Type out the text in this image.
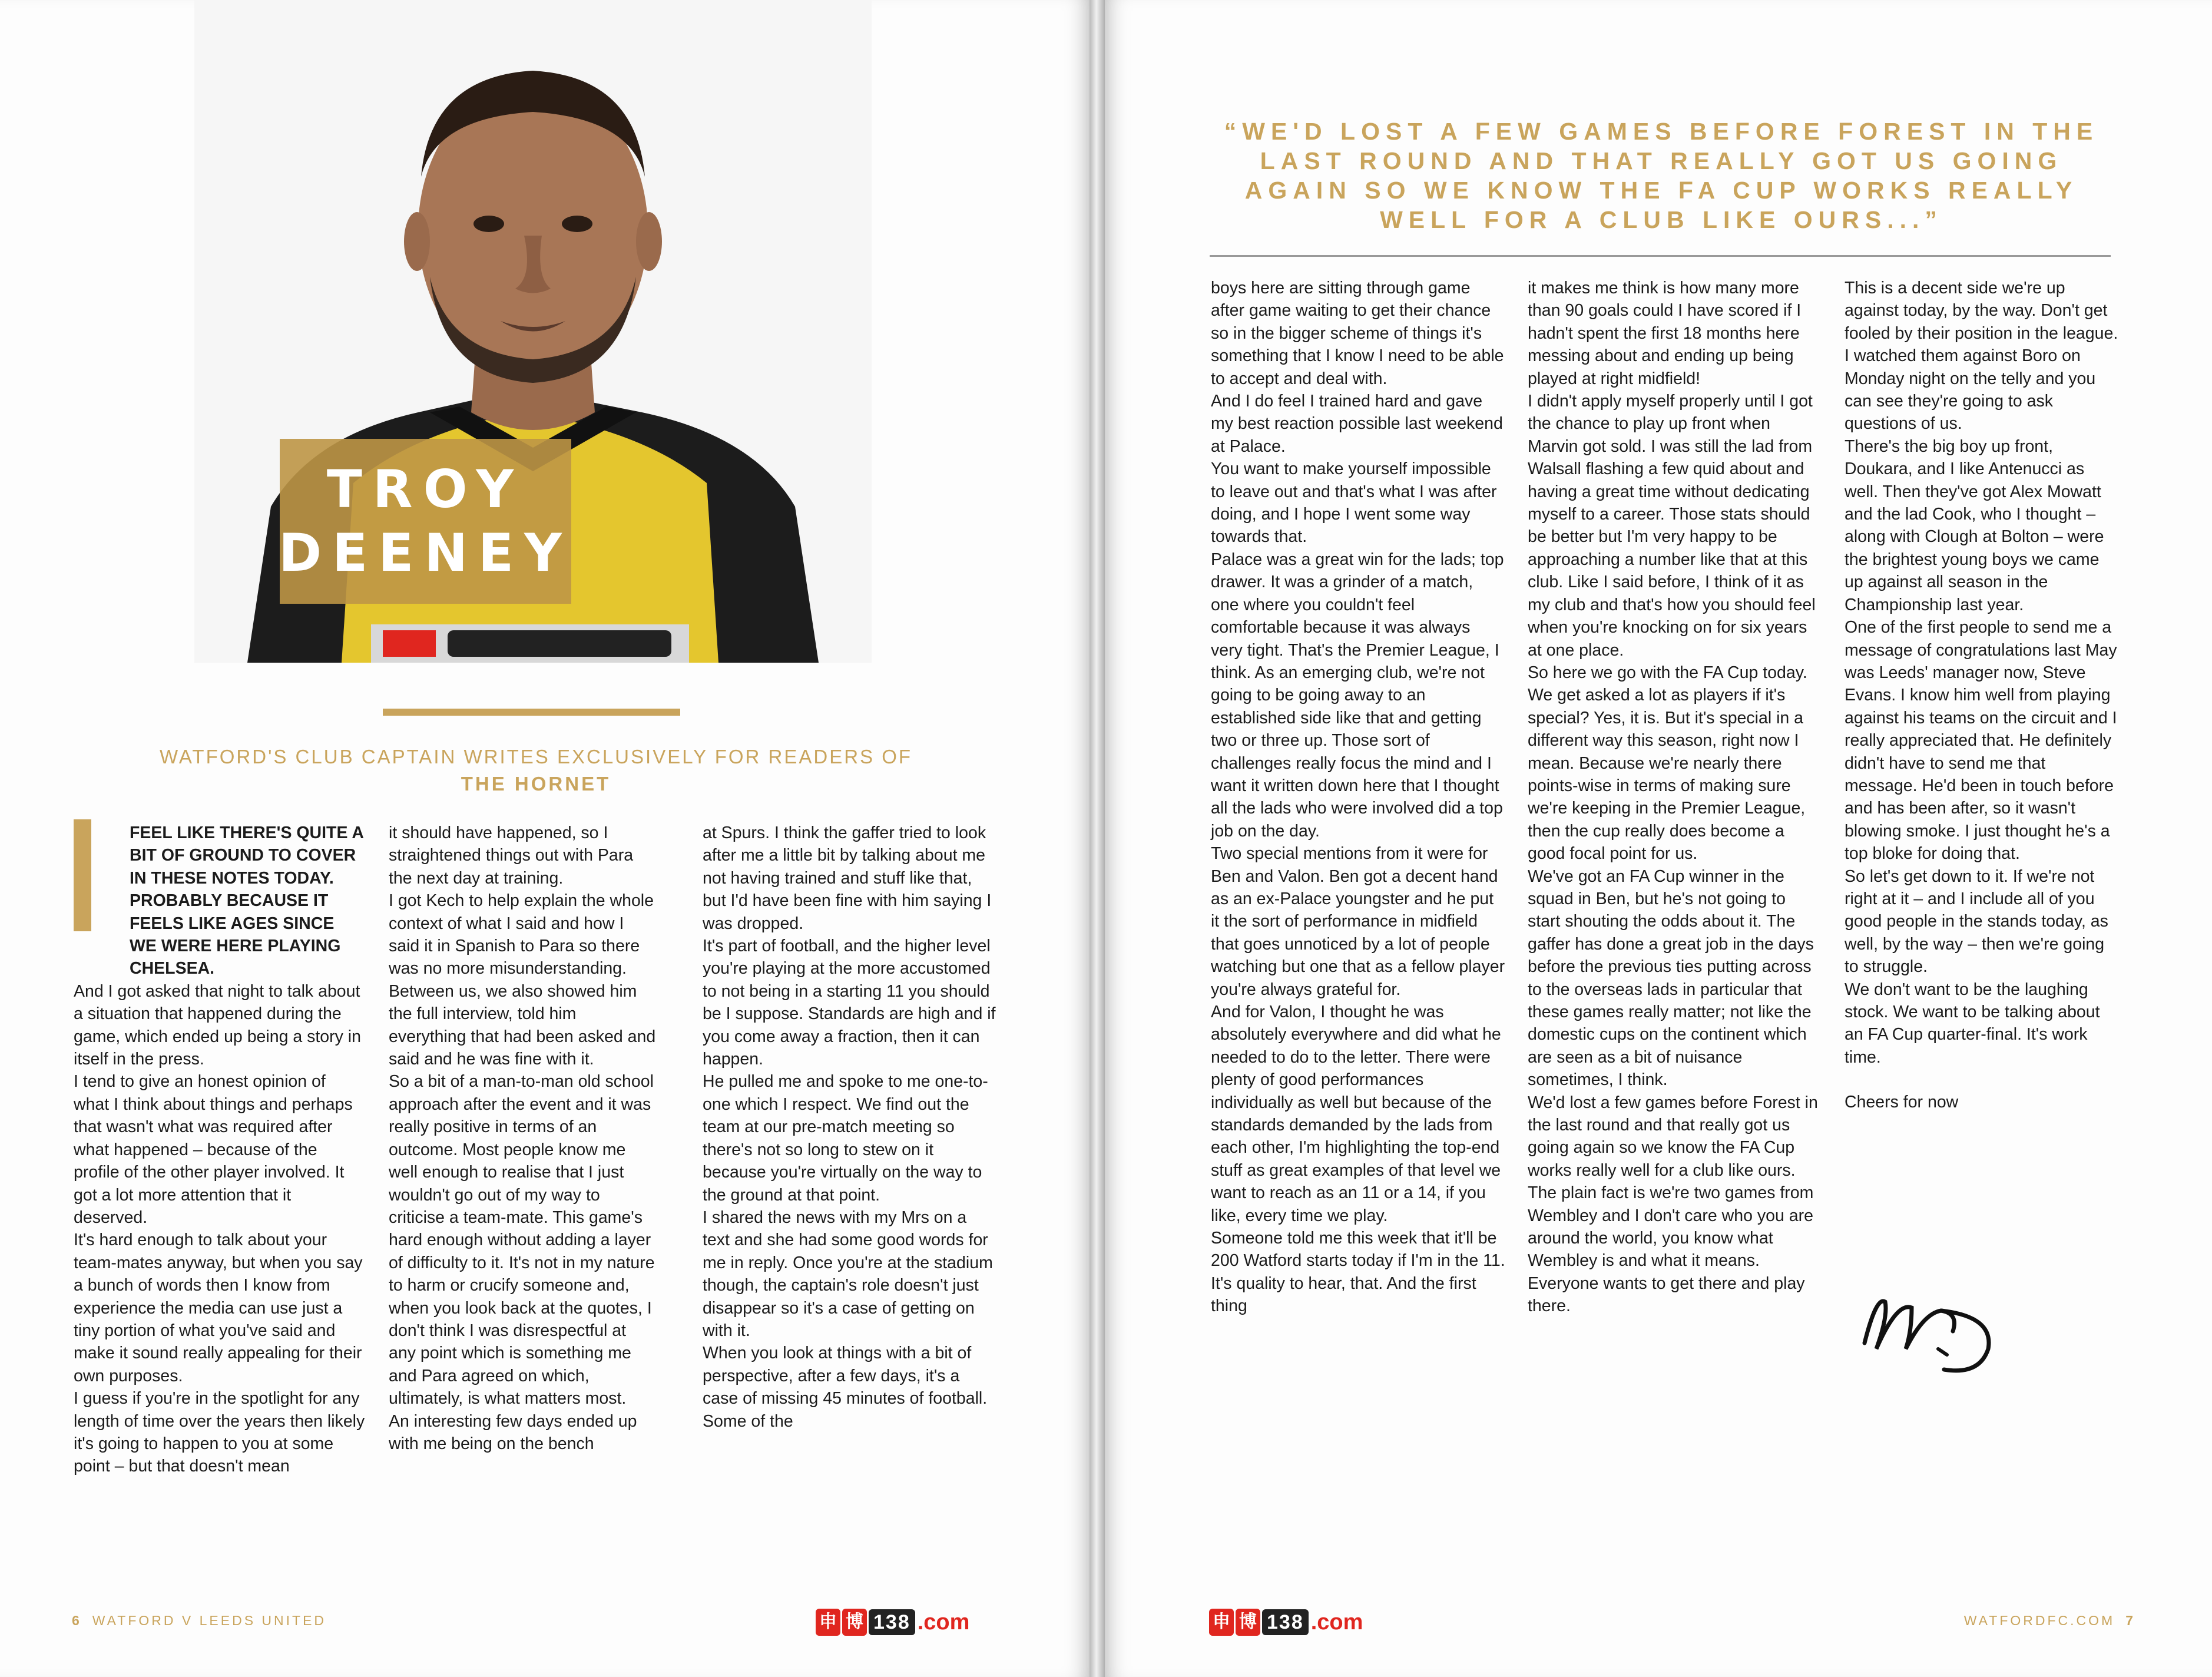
TROY
DEENEY
WATFORD'S CLUB CAPTAIN WRITES EXCLUSIVELY FOR READERS OF THE HORNET

FEEL LIKE THERE'S QUITE A BIT OF GROUND TO COVER IN THESE NOTES TODAY. PROBABLY BECAUSE IT FEELS LIKE AGES SINCE WE WERE HERE PLAYING CHELSEA.

And I got asked that night to talk about a situation that happened during the game, which ended up being a story in itself in the press.

I tend to give an honest opinion of what I think about things and perhaps that wasn't what was required after what happened – because of the profile of the other player involved. It got a lot more attention that it deserved.

It's hard enough to talk about your team-mates anyway, but when you say a bunch of words then I know from experience the media can use just a tiny portion of what you've said and make it sound really appealing for their own purposes.

I guess if you're in the spotlight for any length of time over the years then likely it's going to happen to you at some point – but that doesn't mean

it should have happened, so I straightened things out with Para the next day at training.

I got Kech to help explain the whole context of what I said and how I said it in Spanish to Para so there was no more misunderstanding. Between us, we also showed him the full interview, told him everything that had been asked and said and he was fine with it.

So a bit of a man-to-man old school approach after the event and it was really positive in terms of an outcome. Most people know me well enough to realise that I just wouldn't go out of my way to criticise a team-mate. This game's hard enough without adding a layer of difficulty to it. It's not in my nature to harm or crucify someone and, when you look back at the quotes, I don't think I was disrespectful at any point which is something me and Para agreed on which, ultimately, is what matters most.

An interesting few days ended up with me being on the bench

at Spurs. I think the gaffer tried to look after me a little bit by talking about me not having trained and stuff like that, but I'd have been fine with him saying I was dropped.

It's part of football, and the higher level you're playing at the more accustomed to not being in a starting 11 you should be I suppose. Standards are high and if you come away a fraction, then it can happen.

He pulled me and spoke to me one-to-one which I respect. We find out the team at our pre-match meeting so there's not so long to stew on it because you're virtually on the way to the ground at that point.

I shared the news with my Mrs on a text and she had some good words for me in reply. Once you're at the stadium though, the captain's role doesn't just disappear so it's a case of getting on with it.

When you look at things with a bit of perspective, after a few days, it's a case of missing 45 minutes of football. Some of the

6 WATFORD V LEEDS UNITED	申 博 138 .com
“WE'D LOST A FEW GAMES BEFORE FOREST IN THE LAST ROUND AND THAT REALLY GOT US GOING AGAIN SO WE KNOW THE FA CUP WORKS REALLY WELL FOR A CLUB LIKE OURS...”

boys here are sitting through game after game waiting to get their chance so in the bigger scheme of things it's something that I know I need to be able to accept and deal with.

And I do feel I trained hard and gave my best reaction possible last weekend at Palace.

You want to make yourself impossible to leave out and that's what I was after doing, and I hope I went some way towards that.

Palace was a great win for the lads; top drawer. It was a grinder of a match, one where you couldn't feel comfortable because it was always very tight. That's the Premier League, I think. As an emerging club, we're not going to be going away to an established side like that and getting two or three up. Those sort of challenges really focus the mind and I want it written down here that I thought all the lads who were involved did a top job on the day.

Two special mentions from it were for Ben and Valon. Ben got a decent hand as an ex-Palace youngster and he put it the sort of performance in midfield that goes unnoticed by a lot of people watching but one that as a fellow player you're always grateful for.

And for Valon, I thought he was absolutely everywhere and did what he needed to do to the letter. There were plenty of good performances individually as well but because of the standards demanded by the lads from each other, I'm highlighting the top-end stuff as great examples of that level we want to reach as an 11 or a 14, if you like, every time we play.

Someone told me this week that it'll be 200 Watford starts today if I'm in the 11. It's quality to hear, that. And the first thing

it makes me think is how many more than 90 goals could I have scored if I hadn't spent the first 18 months here messing about and ending up being played at right midfield!

I didn't apply myself properly until I got the chance to play up front when Marvin got sold. I was still the lad from Walsall flashing a few quid about and having a great time without dedicating myself to a career. Those stats should be better but I'm very happy to be approaching a number like that at this club. Like I said before, I think of it as my club and that's how you should feel when you're knocking on for six years at one place.

So here we go with the FA Cup today. We get asked a lot as players if it's special? Yes, it is. But it's special in a different way this season, right now I mean. Because we're nearly there points-wise in terms of making sure we're keeping in the Premier League, then the cup really does become a good focal point for us.

We've got an FA Cup winner in the squad in Ben, but he's not going to start shouting the odds about it. The gaffer has done a great job in the days before the previous ties putting across to the overseas lads in particular that these games really matter; not like the domestic cups on the continent which are seen as a bit of nuisance sometimes, I think.

We'd lost a few games before Forest in the last round and that really got us going again so we know the FA Cup works really well for a club like ours.

The plain fact is we're two games from Wembley and I don't care who you are around the world, you know what Wembley is and what it means. Everyone wants to get there and play there.

This is a decent side we're up against today, by the way. Don't get fooled by their position in the league. I watched them against Boro on Monday night on the telly and you can see they're going to ask questions of us.

There's the big boy up front, Doukara, and I like Antenucci as well. Then they've got Alex Mowatt and the lad Cook, who I thought – along with Clough at Bolton – were the brightest young boys we came up against all season in the Championship last year.

One of the first people to send me a message of congratulations last May was Leeds' manager now, Steve Evans. I know him well from playing against his teams on the circuit and I really appreciated that. He definitely didn't have to send me that message. He'd been in touch before and has been after, so it wasn't blowing smoke. I just thought he's a top bloke for doing that.

So let's get down to it. If we're not right at it – and I include all of you good people in the stands today, as well, by the way – then we're going to struggle.

We don't want to be the laughing stock. We want to be talking about an FA Cup quarter-final. It's work time.

Cheers for now

申 博 138 .com	WATFORDFC.COM 7
